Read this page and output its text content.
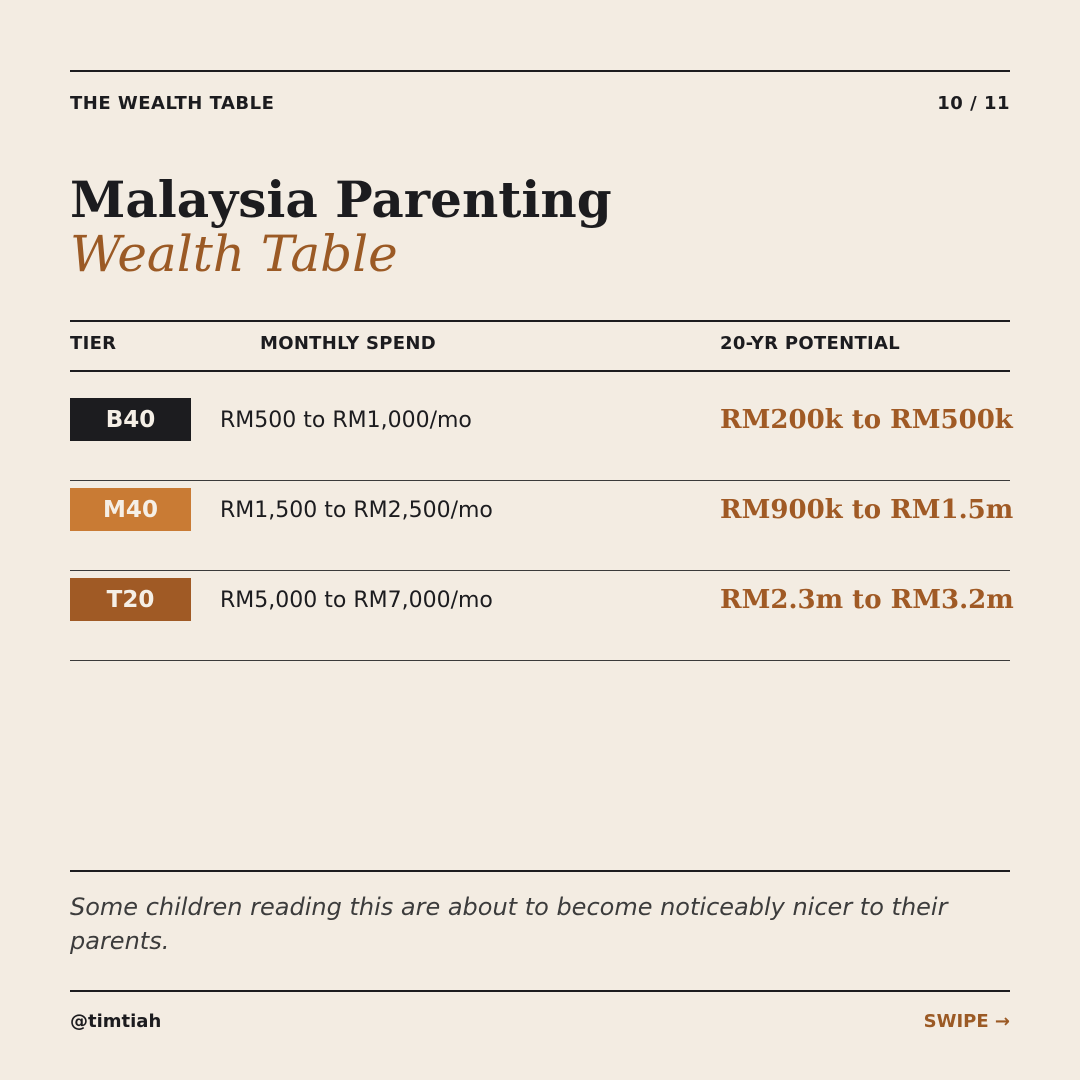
THE WEALTH TABLE	10 / 11
Malaysia Parenting
Wealth Table
TIER	MONTHLY SPEND	20-YR POTENTIAL
B40	RM500 to RM1,000/mo	RM200k to RM500k
M40	RM1,500 to RM2,500/mo	RM900k to RM1.5m
T20	RM5,000 to RM7,000/mo	RM2.3m to RM3.2m
Some children reading this are about to become noticeably nicer to their parents.
@timtiah	SWIPE →
